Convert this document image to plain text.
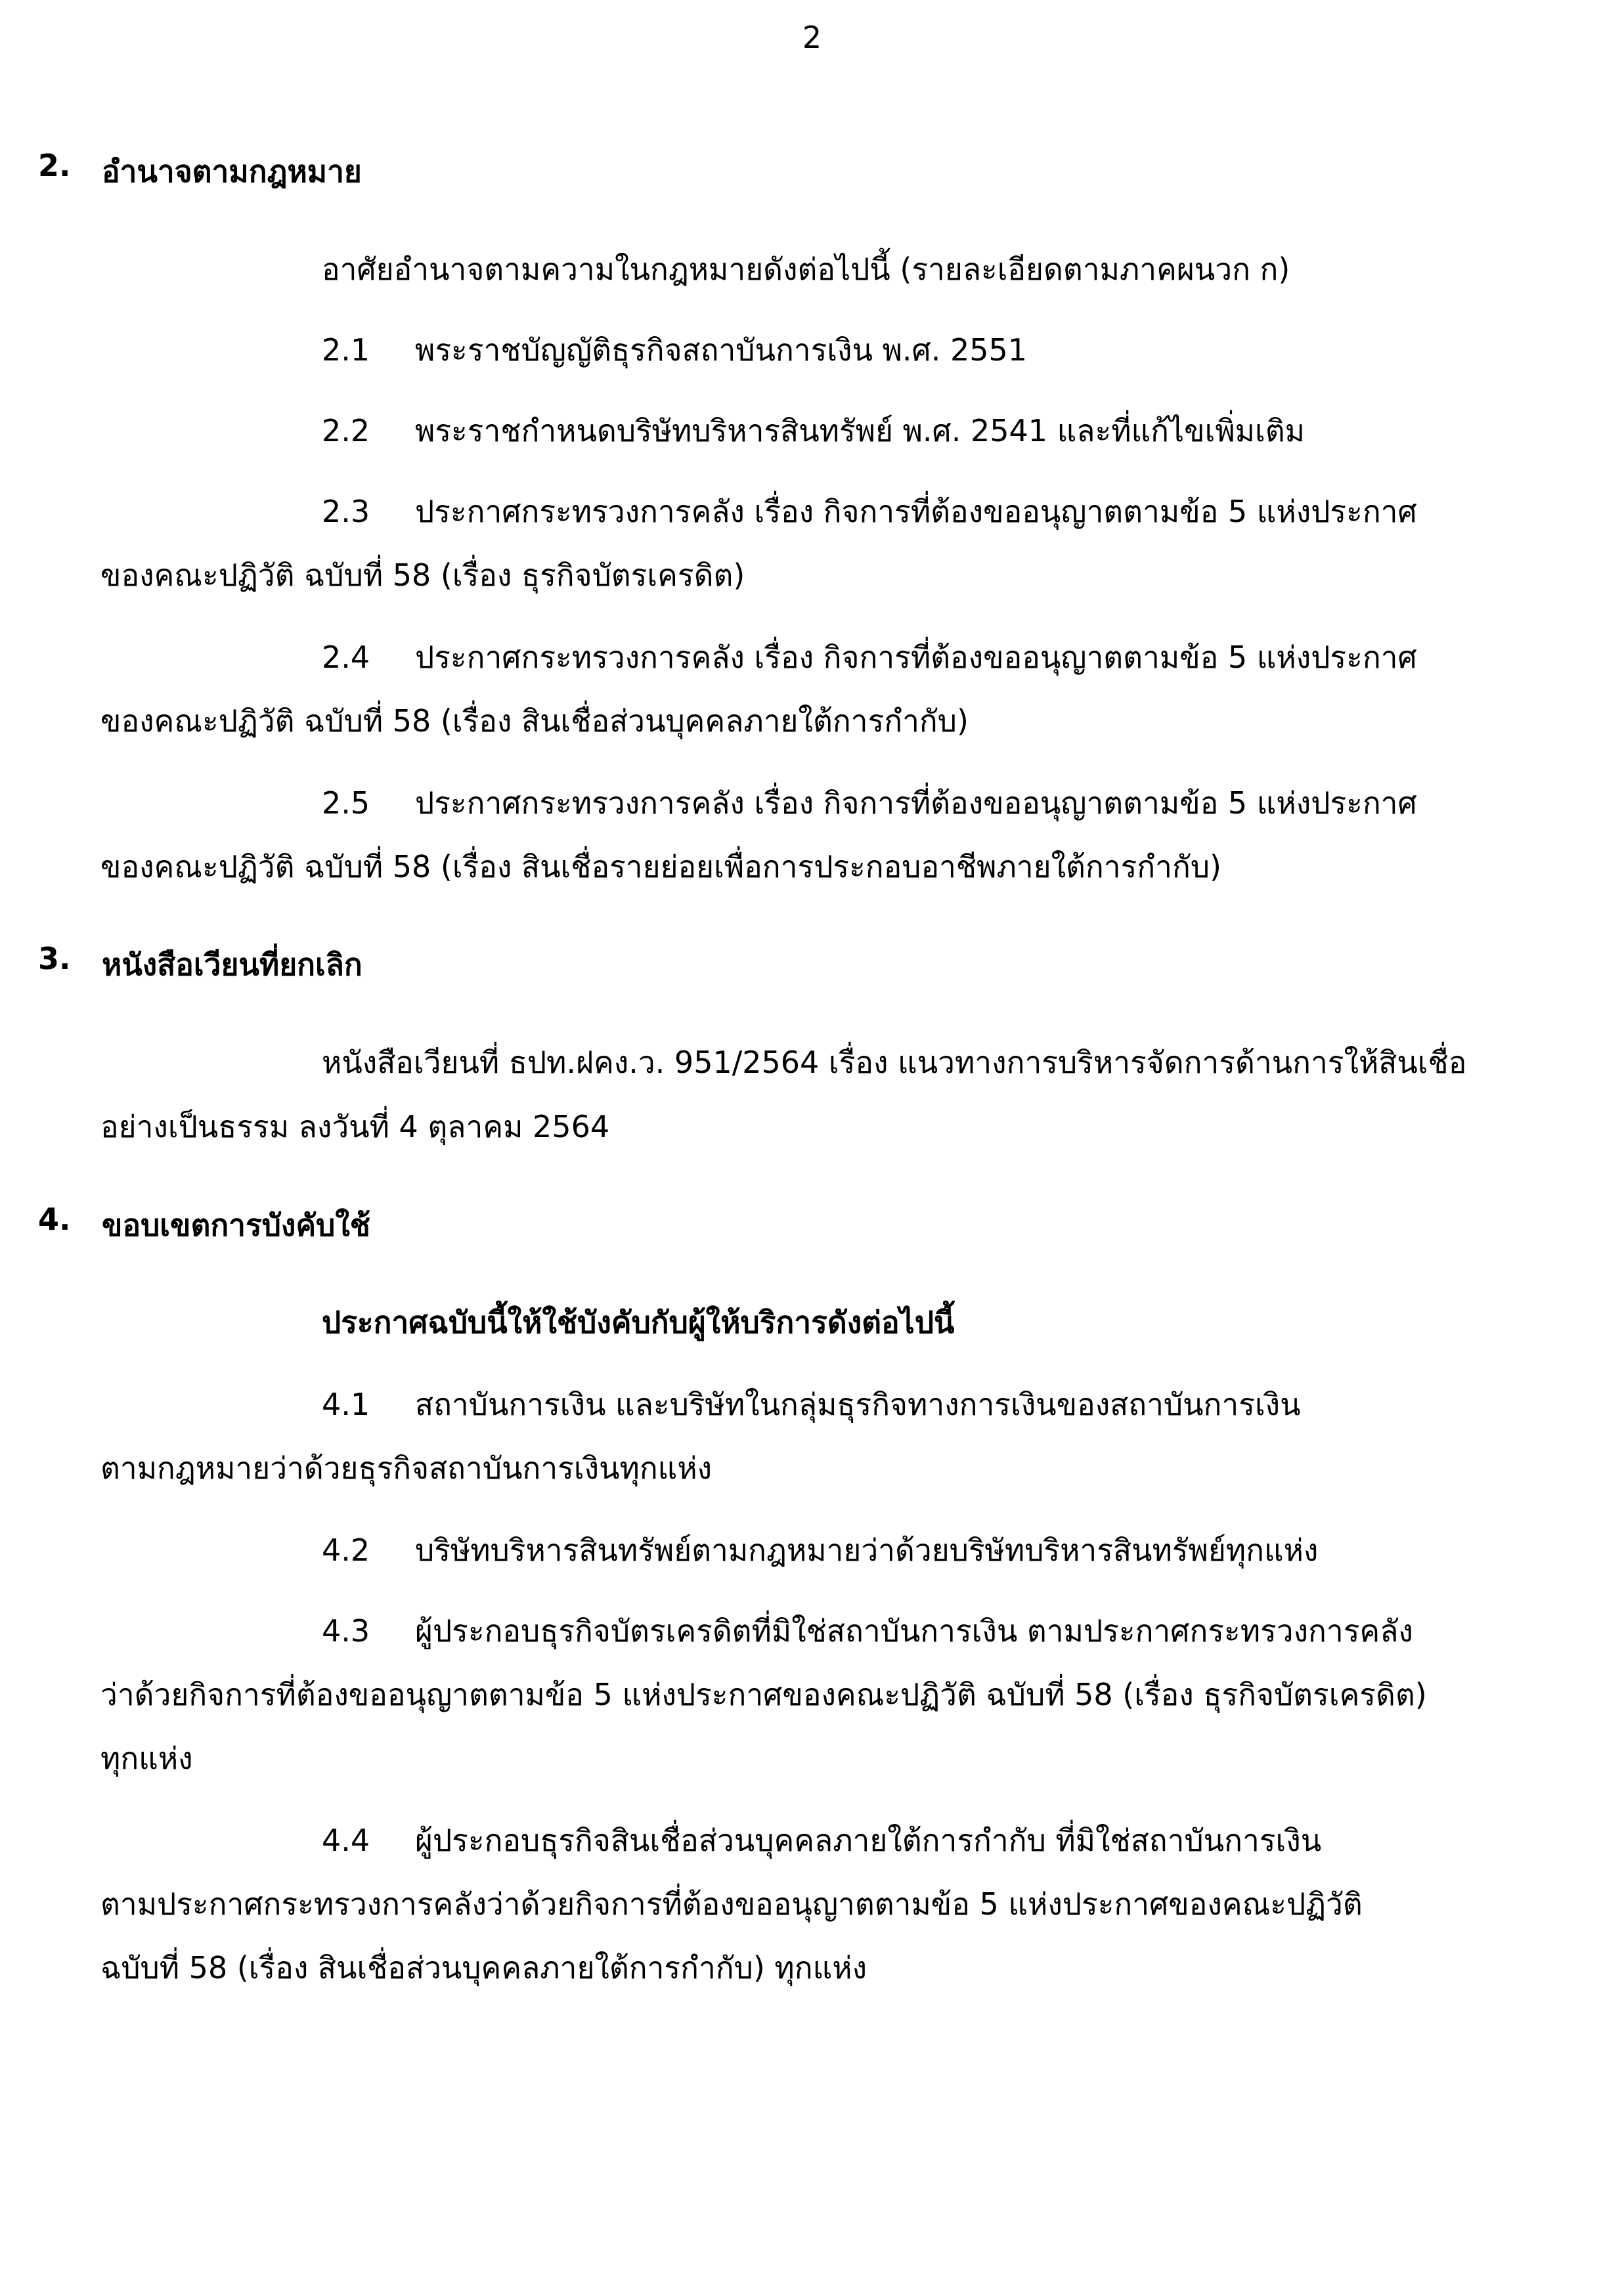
2
2. อำนาจตามกฎหมาย
อาศัยอำนาจตามความในกฎหมายดังต่อไปนี้ (รายละเอียดตามภาคผนวก ก)
2.1 พระราชบัญญัติธุรกิจสถาบันการเงิน พ.ศ. 2551
2.2 พระราชกำหนดบริษัทบริหารสินทรัพย์ พ.ศ. 2541 และที่แก้ไขเพิ่มเติม
2.3 ประกาศกระทรวงการคลัง เรื่อง กิจการที่ต้องขออนุญาตตามข้อ 5 แห่งประกาศ
ของคณะปฏิวัติ ฉบับที่ 58 (เรื่อง ธุรกิจบัตรเครดิต)
2.4 ประกาศกระทรวงการคลัง เรื่อง กิจการที่ต้องขออนุญาตตามข้อ 5 แห่งประกาศ
ของคณะปฏิวัติ ฉบับที่ 58 (เรื่อง สินเชื่อส่วนบุคคลภายใต้การกำกับ)
2.5 ประกาศกระทรวงการคลัง เรื่อง กิจการที่ต้องขออนุญาตตามข้อ 5 แห่งประกาศ
ของคณะปฏิวัติ ฉบับที่ 58 (เรื่อง สินเชื่อรายย่อยเพื่อการประกอบอาชีพภายใต้การกำกับ)
3. หนังสือเวียนที่ยกเลิก
หนังสือเวียนที่ ธปท.ฝคง.ว. 951/2564 เรื่อง แนวทางการบริหารจัดการด้านการให้สินเชื่อ
อย่างเป็นธรรม ลงวันที่ 4 ตุลาคม 2564
4. ขอบเขตการบังคับใช้
ประกาศฉบับนี้ให้ใช้บังคับกับผู้ให้บริการดังต่อไปนี้
4.1 สถาบันการเงิน และบริษัทในกลุ่มธุรกิจทางการเงินของสถาบันการเงิน
ตามกฎหมายว่าด้วยธุรกิจสถาบันการเงินทุกแห่ง
4.2 บริษัทบริหารสินทรัพย์ตามกฎหมายว่าด้วยบริษัทบริหารสินทรัพย์ทุกแห่ง
4.3 ผู้ประกอบธุรกิจบัตรเครดิตที่มิใช่สถาบันการเงิน ตามประกาศกระทรวงการคลัง
ว่าด้วยกิจการที่ต้องขออนุญาตตามข้อ 5 แห่งประกาศของคณะปฏิวัติ ฉบับที่ 58 (เรื่อง ธุรกิจบัตรเครดิต)
ทุกแห่ง
4.4 ผู้ประกอบธุรกิจสินเชื่อส่วนบุคคลภายใต้การกำกับ ที่มิใช่สถาบันการเงิน
ตามประกาศกระทรวงการคลังว่าด้วยกิจการที่ต้องขออนุญาตตามข้อ 5 แห่งประกาศของคณะปฏิวัติ
ฉบับที่ 58 (เรื่อง สินเชื่อส่วนบุคคลภายใต้การกำกับ) ทุกแห่ง
